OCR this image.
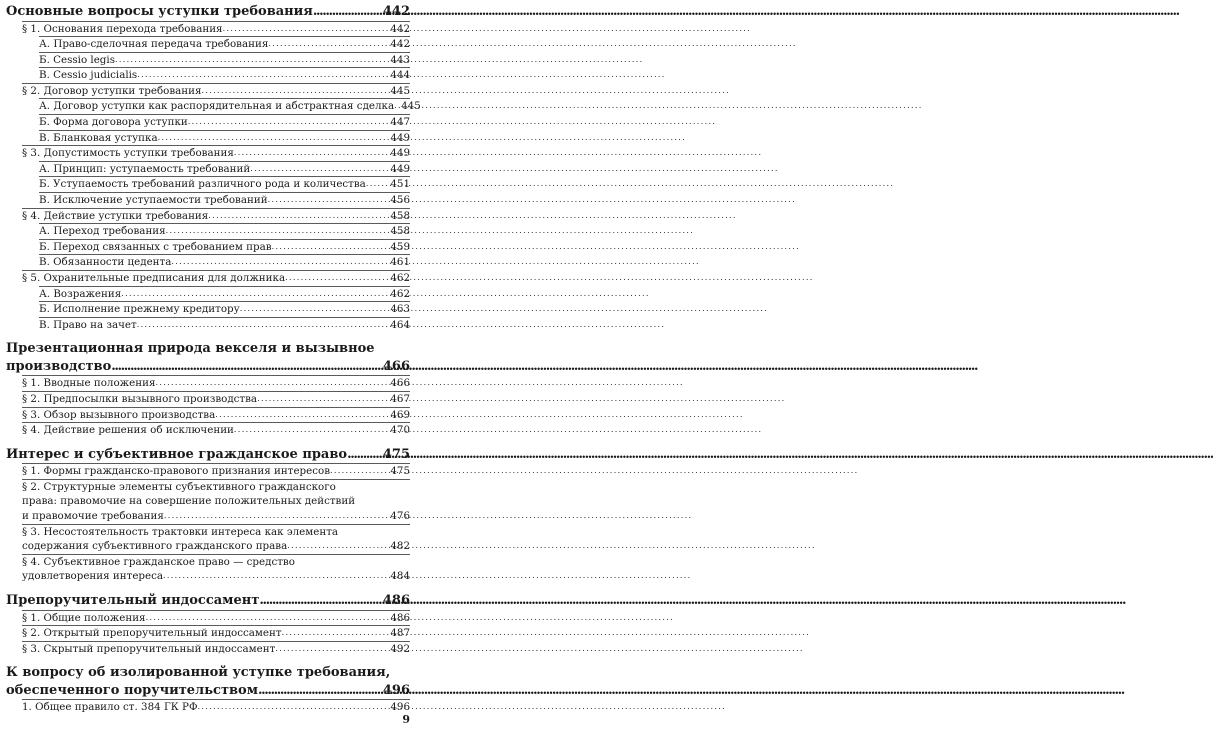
Основные вопросы уступки требования .....	442
§ 1. Основания перехода требования . . .	442
А. Право-сделочная передача требования . . .	442
Б. Cessio legis . . .	443
В. Cessio judicialis . . .	444
§ 2. Договор уступки требования . . .	445
А. Договор уступки как распорядительная и абстрактная сделка . . . 445
Б. Форма договора уступки . . .	447
В. Бланковая уступка . . .	449
§ 3. Допустимость уступки требования . . .	449
А. Принцип: уступаемость требований . . .	449
Б. Уступаемость требований различного рода и количества . . . 451
В. Исключение уступаемости требований . . .	456
§ 4. Действие уступки требования . . .	458
А. Переход требования . . .	458
Б. Переход связанных с требованием прав . . .	459
В. Обязанности цедента . . .	461
§ 5. Охранительные предписания для должника . . .	462
А. Возражения . . .	462
Б. Исполнение прежнему кредитору . . .	463
В. Право на зачет . . .	464
Презентационная природа векселя и вызывное
производство .....	466
§ 1. Вводные положения . . .	466
§ 2. Предпосылки вызывного производства . . .	467
§ 3. Обзор вызывного производства . . .	469
§ 4. Действие решения об исключении . . .	470
Интерес и субъективное гражданское право .....	475
§ 1. Формы гражданско-правового признания интересов . . .	475
§ 2. Структурные элементы субъективного гражданского
права: правомочие на совершение положительных действий
и правомочие требования . . .	476
§ 3. Несостоятельность трактовки интереса как элемента
содержания субъективного гражданского права . . .	482
§ 4. Субъективное гражданское право — средство
удовлетворения интереса . . .	484
Препоручительный индоссамент .....	486
§ 1. Общие положения . . .	486
§ 2. Открытый препоручительный индоссамент . . .	487
§ 3. Скрытый препоручительный индоссамент . . .	492
К вопросу об изолированной уступке требования,
обеспеченного поручительством .....	496
1. Общее правило ст. 384 ГК РФ . . .	496
9
